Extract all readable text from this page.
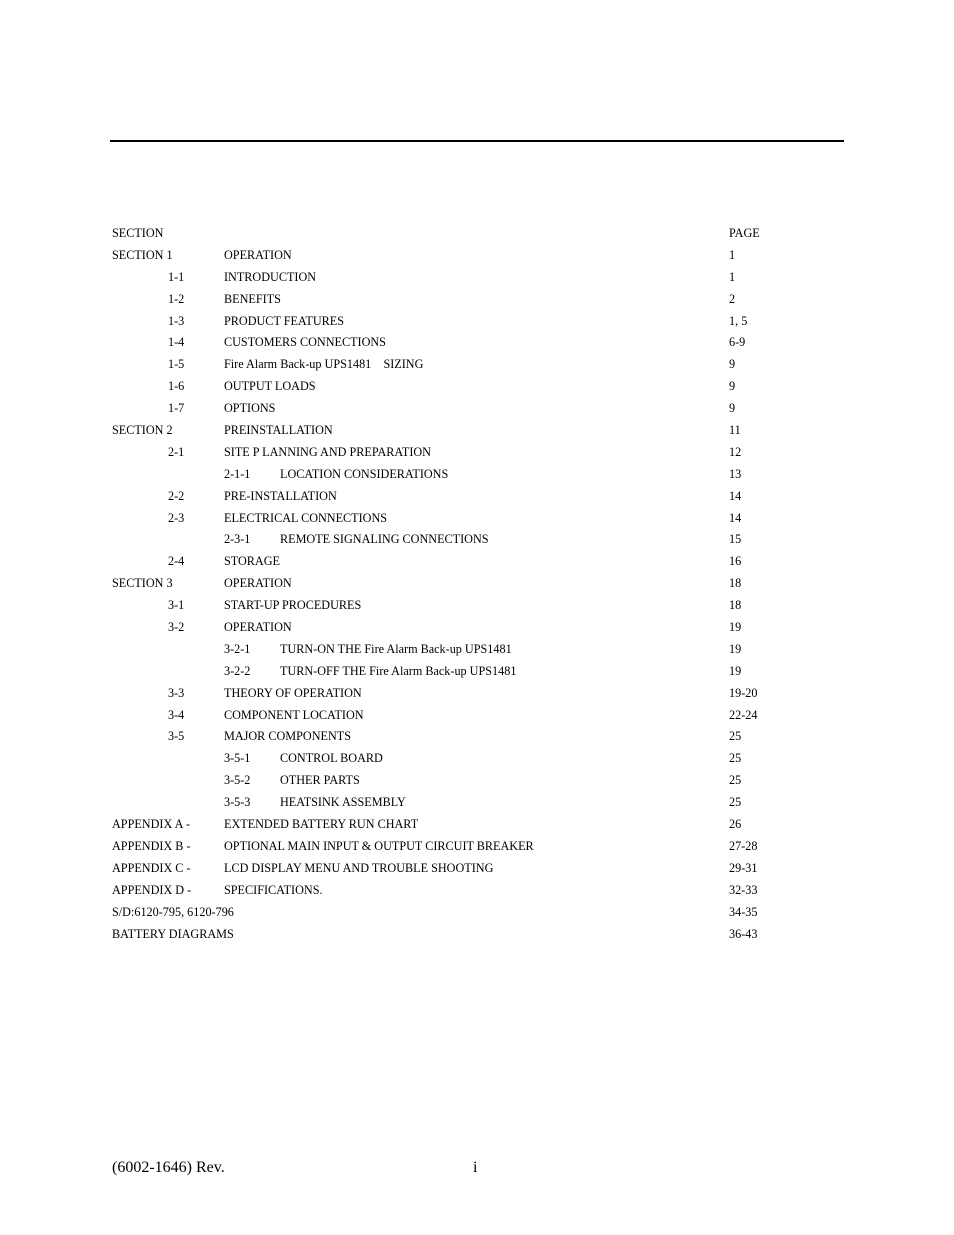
SECTION	PAGE
SECTION 1	OPERATION	1
1-1	INTRODUCTION	1
1-2	BENEFITS	2
1-3	PRODUCT FEATURES	1, 5
1-4	CUSTOMERS CONNECTIONS	6-9
1-5	Fire Alarm Back-up UPS1481    SIZING	9
1-6	OUTPUT LOADS	9
1-7	OPTIONS	9
SECTION 2	PREINSTALLATION	11
2-1	SITE P LANNING AND PREPARATION	12
2-1-1 LOCATION CONSIDERATIONS	13
2-2	PRE-INSTALLATION	14
2-3	ELECTRICAL CONNECTIONS	14
2-3-1 REMOTE SIGNALING CONNECTIONS	15
2-4	STORAGE	16
SECTION 3	OPERATION	18
3-1	START-UP PROCEDURES	18
3-2	OPERATION	19
3-2-1 TURN-ON THE Fire Alarm Back-up UPS1481	19
3-2-2 TURN-OFF THE Fire Alarm Back-up UPS1481	19
3-3	THEORY OF OPERATION	19-20
3-4	COMPONENT LOCATION	22-24
3-5	MAJOR COMPONENTS	25
3-5-1 CONTROL BOARD	25
3-5-2 OTHER PARTS	25
3-5-3 HEATSINK ASSEMBLY	25
APPENDIX A -	EXTENDED BATTERY RUN CHART	26
APPENDIX B -	OPTIONAL MAIN INPUT & OUTPUT CIRCUIT BREAKER	27-28
APPENDIX C -	LCD DISPLAY MENU AND TROUBLE SHOOTING	29-31
APPENDIX D -	SPECIFICATIONS.	32-33
S/D:6120-795, 6120-796	34-35
BATTERY DIAGRAMS	36-43
(6002-1646) Rev.	i
